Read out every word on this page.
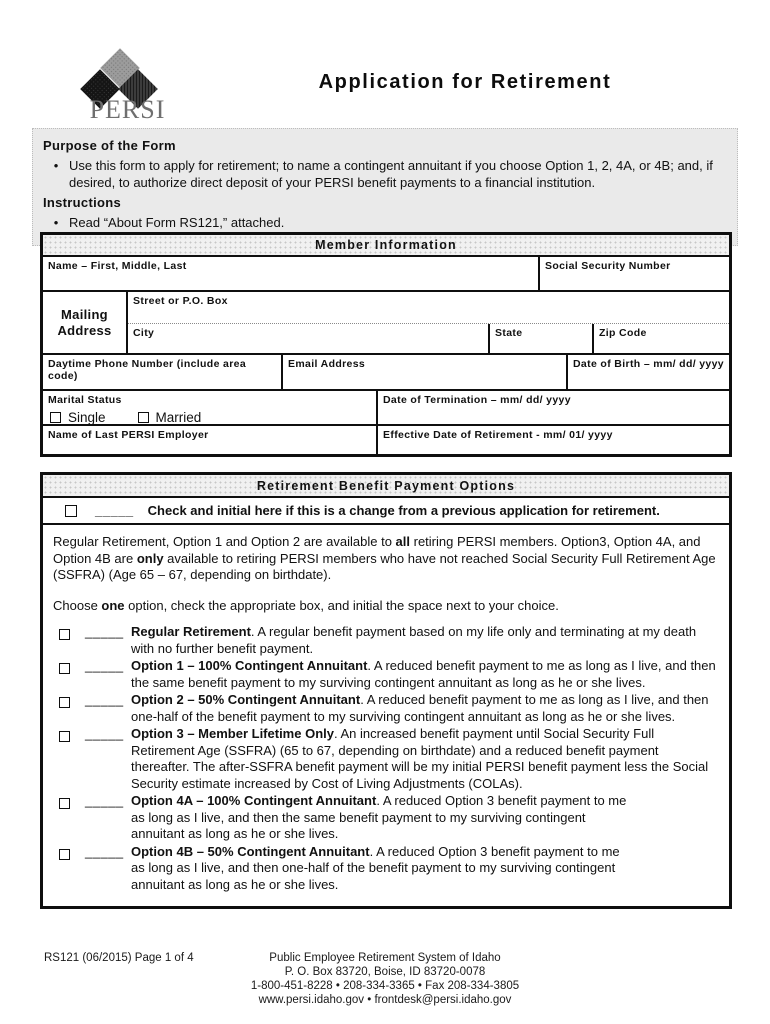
PERSI
Application for Retirement
Purpose of the Form
• Use this form to apply for retirement; to name a contingent annuitant if you choose Option 1, 2, 4A, or 4B; and, if desired, to authorize direct deposit of your PERSI benefit payments to a financial institution.
Instructions
• Read “About Form RS121,” attached.
Member Information
Name – First, Middle, Last	Social Security Number
Mailing Address
Street or P.O. Box
City	State	Zip Code
Daytime Phone Number (include area code)
Email Address	Date of Birth – mm/ dd/ yyyy
Marital Status
Single	Married
Date of Termination – mm/ dd/ yyyy
Name of Last PERSI Employer	Effective Date of Retirement - mm/ 01/ yyyy
Retirement Benefit Payment Options
_____ Check and initial here if this is a change from a previous application for retirement.

Regular Retirement, Option 1 and Option 2 are available to all retiring PERSI members. Option3, Option 4A, and Option 4B are only available to retiring PERSI members who have not reached Social Security Full Retirement Age (SSFRA) (Age 65 – 67, depending on birthdate).

Choose one option, check the appropriate box, and initial the space next to your choice.

_____ Regular Retirement. A regular benefit payment based on my life only and terminating at my death with no further benefit payment.
_____ Option 1 – 100% Contingent Annuitant. A reduced benefit payment to me as long as I live, and then the same benefit payment to my surviving contingent annuitant as long as he or she lives.
_____ Option 2 – 50% Contingent Annuitant. A reduced benefit payment to me as long as I live, and then one-half of the benefit payment to my surviving contingent annuitant as long as he or she lives.
_____ Option 3 – Member Lifetime Only. An increased benefit payment until Social Security Full Retirement Age (SSFRA) (65 to 67, depending on birthdate) and a reduced benefit payment thereafter. The after-SSFRA benefit payment will be my initial PERSI benefit payment less the Social Security estimate increased by Cost of Living Adjustments (COLAs).
_____ Option 4A – 100% Contingent Annuitant. A reduced Option 3 benefit payment to me as long as I live, and then the same benefit payment to my surviving contingent annuitant as long as he or she lives.
_____ Option 4B – 50% Contingent Annuitant. A reduced Option 3 benefit payment to me as long as I live, and then one-half of the benefit payment to my surviving contingent annuitant as long as he or she lives.
RS121 (06/2015) Page 1 of 4	Public Employee Retirement System of Idaho
P. O. Box 83720, Boise, ID 83720-0078
1-800-451-8228 • 208-334-3365 • Fax 208-334-3805
www.persi.idaho.gov • frontdesk@persi.idaho.gov
